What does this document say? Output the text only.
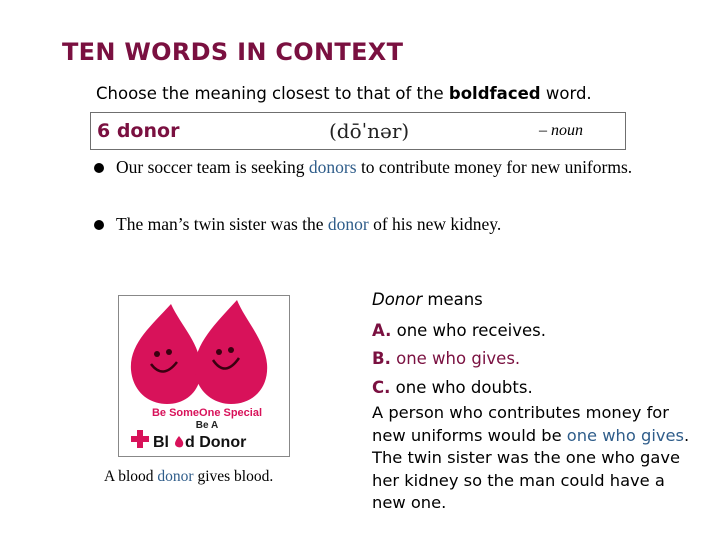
TEN WORDS IN CONTEXT
Choose the meaning closest to that of the boldfaced word.
6 donor	(dōˈnər)	– noun
Our soccer team is seeking donors to contribute money for new uniforms.
The man’s twin sister was the donor of his new kidney.
Be SomeOne Special
Be A
Bl d Donor
A blood donor gives blood.
Donor means
A. one who receives.
B. one who gives.
C. one who doubts.
A person who contributes money for new uniforms would be one who gives. The twin sister was the one who gave her kidney so the man could have a new one.
